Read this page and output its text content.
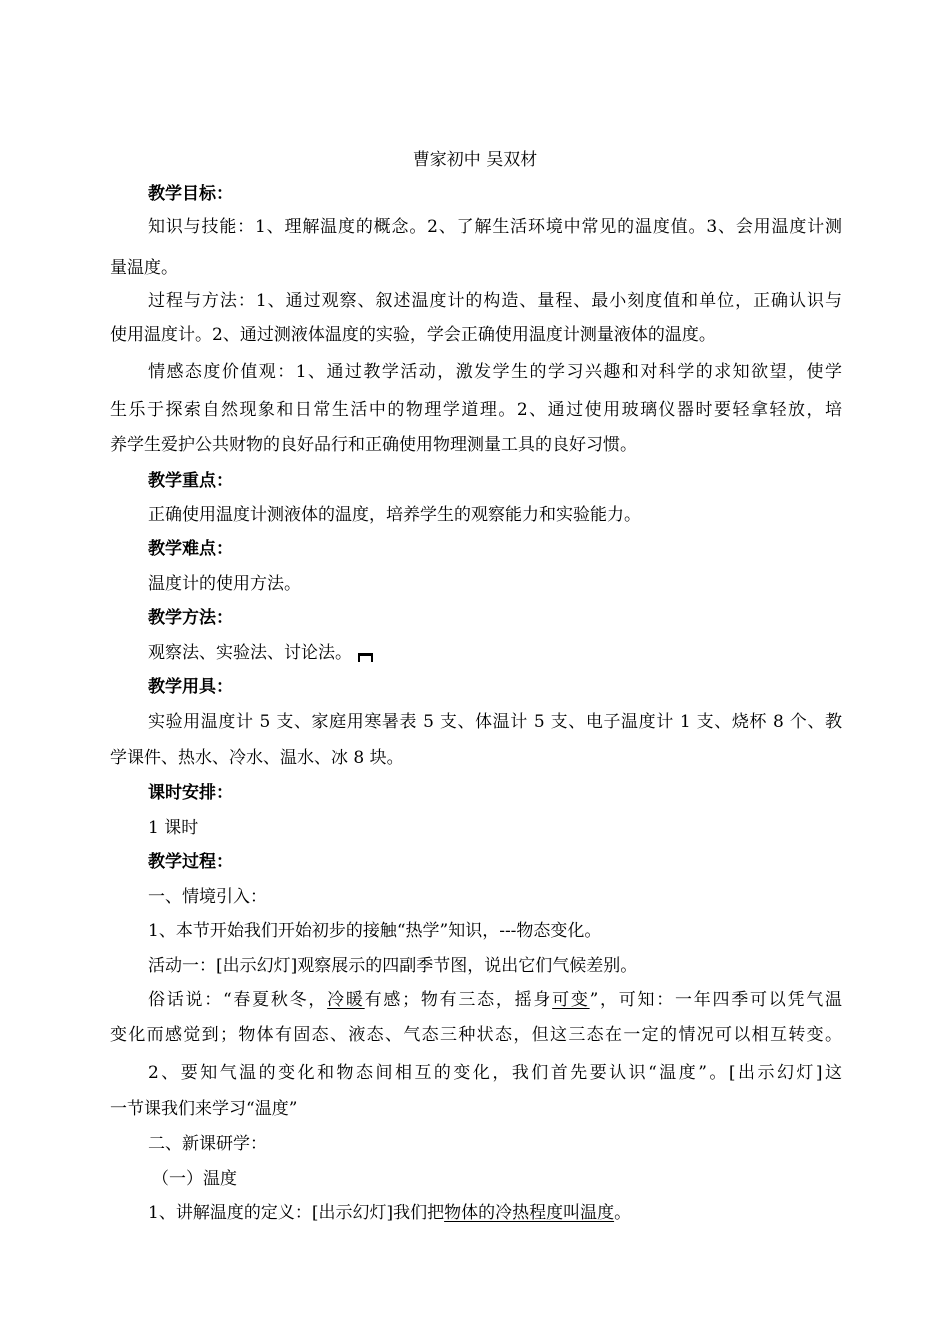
曹家初中 吴双材
教学目标：
知识与技能：1、理解温度的概念。2、了解生活环境中常见的温度值。3、会用温度计测
量温度。
过程与方法：1、通过观察、叙述温度计的构造、量程、最小刻度值和单位，正确认识与
使用温度计。2、通过测液体温度的实验，学会正确使用温度计测量液体的温度。
情感态度价值观：1、通过教学活动，激发学生的学习兴趣和对科学的求知欲望，使学
生乐于探索自然现象和日常生活中的物理学道理。2、通过使用玻璃仪器时要轻拿轻放，培
养学生爱护公共财物的良好品行和正确使用物理测量工具的良好习惯。
教学重点：
正确使用温度计测液体的温度，培养学生的观察能力和实验能力。
教学难点：
温度计的使用方法。
教学方法：
观察法、实验法、讨论法。
教学用具：
实验用温度计 5 支、家庭用寒暑表 5 支、体温计 5 支、电子温度计 1 支、烧杯 8 个、教
学课件、热水、冷水、温水、冰 8 块。
课时安排：
1 课时
教学过程：
一、情境引入：
1、本节开始我们开始初步的接触“热学”知识，---物态变化。
活动一：[出示幻灯]观察展示的四副季节图，说出它们气候差别。
俗话说：“春夏秋冬，冷暖有感；物有三态，摇身可变”，可知：一年四季可以凭气温
变化而感觉到；物体有固态、液态、气态三种状态，但这三态在一定的情况可以相互转变。
2、要知气温的变化和物态间相互的变化，我们首先要认识“温度”。[出示幻灯]这
一节课我们来学习“温度”
二、新课研学：
（一）温度
1、讲解温度的定义：[出示幻灯]我们把物体的冷热程度叫温度。
